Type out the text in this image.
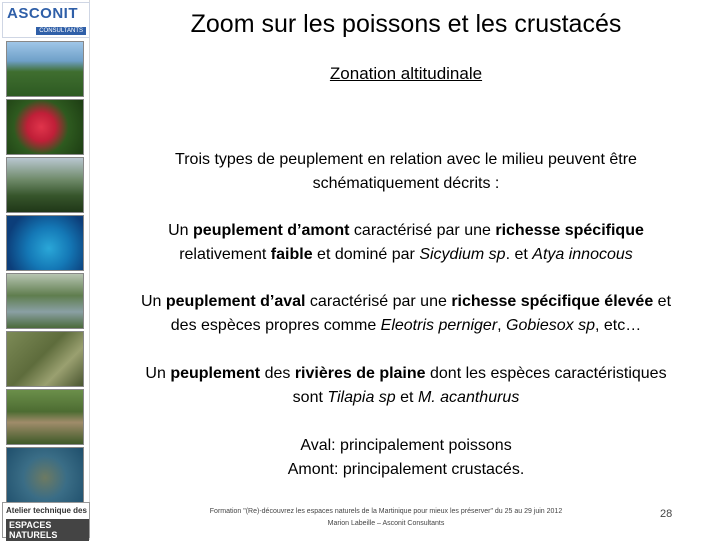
ASCONIT
CONSULTANTS
Atelier technique des
ESPACES NATURELS
Zoom sur les poissons et les crustacés
Zonation altitudinale
Trois types de peuplement en relation avec le milieu peuvent être
schématiquement décrits :
Un peuplement d’amont caractérisé par une richesse spécifique
relativement faible et dominé par Sicydium sp. et Atya innocous
Un peuplement d’aval caractérisé par une richesse spécifique élevée et
des espèces propres comme Eleotris perniger, Gobiesox sp, etc…
Un peuplement des rivières de plaine dont les espèces caractéristiques
sont Tilapia sp et M. acanthurus
Aval: principalement poissons
Amont: principalement crustacés.
Formation "(Re)-découvrez les espaces naturels de la Martinique pour mieux les préserver" du 25 au 29 juin 2012
Marion Labeille – Asconit Consultants
28
